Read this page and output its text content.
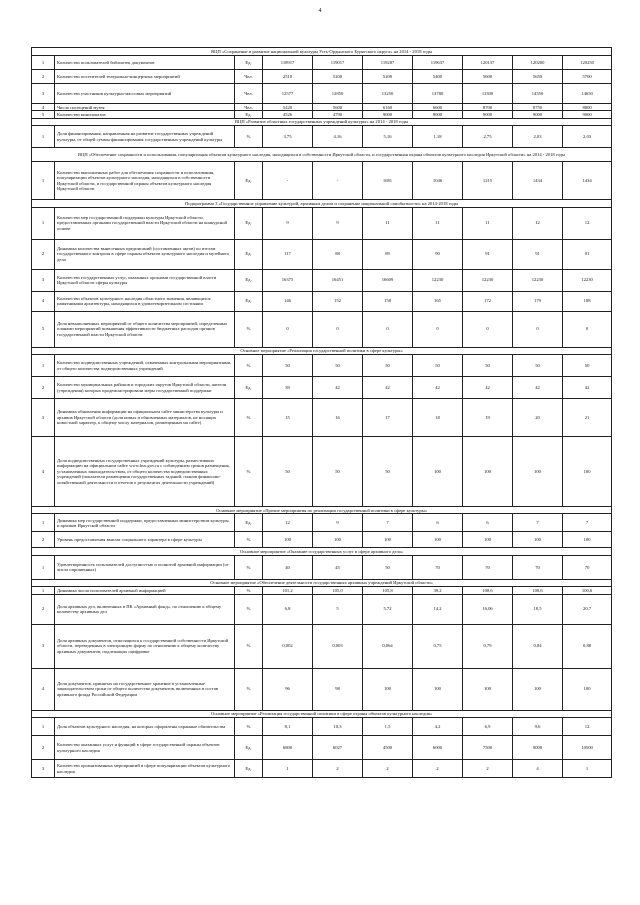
4
ВЦП «Сохранение и развитие национальной культуры Усть-Ордынского Бурятского округа» на 2014 - 2018 годы									
1	Количество пользователей библиотек документов	Ед.	118917	119017	119287	119637	120137	120200	120250
2	Количество посетителей театрально-концертных мероприятий	Чел.	2510	5200	5200	5400	5600	5650	5700
3	Количество участников культурно-массовых мероприятий	Чел.	12577	12850	13250	13780	11300	14550	14650
4	Число посещений музея	Чел.	5420	5600	6160	6600	8700	8750	8800
5	Количество кинопоказов	Ед.	4526	4790	9000	9000	9000	9000	9000
ВЦП «Развитие областных государственных учреждений культуры» на 2014 - 2018 годы									
1	Доля финансирования, направленная на развитие государственных учреждений культуры, от общей суммы финансирования государственных учреждений культуры	%	3,75	4,16	5,16	1,18	2,75	2,03	2,03
ВЦП «Обеспечение сохранности и использования, популяризация объектов культурного наследия, находящихся в собственности Иркутской области, и государственная охрана объектов культурного наследия Иркутской области» на 2014 - 2018 годы									
1	Количество выполненных работ для обеспечения сохранности и использования, популяризации объектов культурного наследия, находящихся в собственности Иркутской области, и государственной охраны объектов культурного наследия Иркутской области	Ед.	-	-	1681	1046	1215	1434	1434
Подпрограмма 3 «Государственное управление культурой, архивным делом и сохранение национальной самобытности» на 2014-2018 годы									
1	Количество мер государственной поддержки культуры Иркутской области, предоставленных органами государственной власти Иркутской области на конкурсной основе	Ед.	9	9	11	11	11	12	12
2	Динамика количества вынесенных предписаний (составленных актов) по итогам государственного контроля в сфере охраны объектов культурного наследия и музейного дела	Ед.	117	88	89	90	91	91	91
3	Количество государственных услуг, оказанных органами государственной власти Иркутской области сферы культуры	Ед.	16375	16451	16609	12230	12230	12230	12230
4	Количество объектов культурного наследия областного значения, являющихся памятниками архитектуры, находящихся в удовлетворительном состоянии	Ед.	146	152	158	165	172	179	188
5	Доля невыполненных мероприятий от общего количества мероприятий, определенных планами мероприятий повышения эффективности бюджетных расходов органов государственной власти Иркутской области	%	0	0	0	0	0	0	0
Основное мероприятие «Реализация государственной политики в сфере культуры»									
1	Количество подведомственных учреждений, охваченных контрольными мероприятиями, от общего количества подведомственных учреждений	%	50	50	50	50	50	50	50
2	Количество муниципальных районов и городских округов Иркутской области, жители (учреждения) которых продемонстрировали меры государственной поддержки	Ед.	39	42	42	42	42	42	42
3	Динамика обновления информации на официальном сайте министерства культуры и архивов Иркутской области (доля новых и обновленных материалов, не носящих новостной характер, к общему числу материалов, размещенных на сайте)	%	15	16	17	18	19	20	21
4	Доля подведомственных государственных учреждений культуры, разместивших информацию на официальном сайте www.bus.gov.ru с соблюдением сроков размещения, установленных законодательством, от общего количества подведомственных учреждений (показатели размещения государственных заданий, планов финансово-хозяйственной деятельности и отчетов о результатах деятельности учреждений)	%	50	50	50	100	100	100	100
Основное мероприятие «Прочие мероприятия по реализации государственной политики в сфере культуры»									
1	Динамика мер государственной поддержки, предоставленных министерством культуры и архивов Иркутской области	Ед.	12	9	7	6	6	7	7
2	Уровень предоставления выплат социального характера в сфере культуры	%	100	100	100	100	100	100	100
Основное мероприятие «Оказание государственных услуг в сфере архивного дела»									
1	Удовлетворенность пользователей доступностью и полнотой архивной информации (от числа опрошенных)	%	40	45	50	70	70	70	70
Основное мероприятие «Обеспечение деятельности государственных архивных учреждений Иркутской области»									
1	Динамика числа пользователей архивной информацией	%	101,2	105,0	105,8	39,2	100,6	100,6	100,6
2	Доля архивных дел, включенных в ПК «Архивный фонд», по отношению к общему количеству архивных дел	%	6,8	5	5,72	14,2	16,06	18,5	20,7
3	Доля архивных документов, относящихся к государственной собственности Иркутской области, переведенных в электронную форму по отношению к общему количеству архивных документов, подлежащих оцифровке	%	0,002	0,003	0,064	0,75	0,79	0,84	0,88
4	Доля документов, принятых на государственное хранение в установленные законодательством сроки от общего количества документов, включенных в состав архивного фонда Российской Федерации	%	96	98	100	100	100	100	100
Основное мероприятие «Реализация государственной политики в сфере охраны объектов культурного наследия»									
1	Доля объектов культурного наследия, на которых оформлены охранные обязательства	%	8,1	10,3	1,5	4,2	6,9	9,6	12
2	Количество оказанных услуг и функций в сфере государственной охраны объектов культурного наследия	Ед.	6800	6027	4500	6000	7500	9000	10500
3	Количество организованных мероприятий в сфере популяризации объектов культурного наследия	Ед.	1	2	2	2	2	4	1
